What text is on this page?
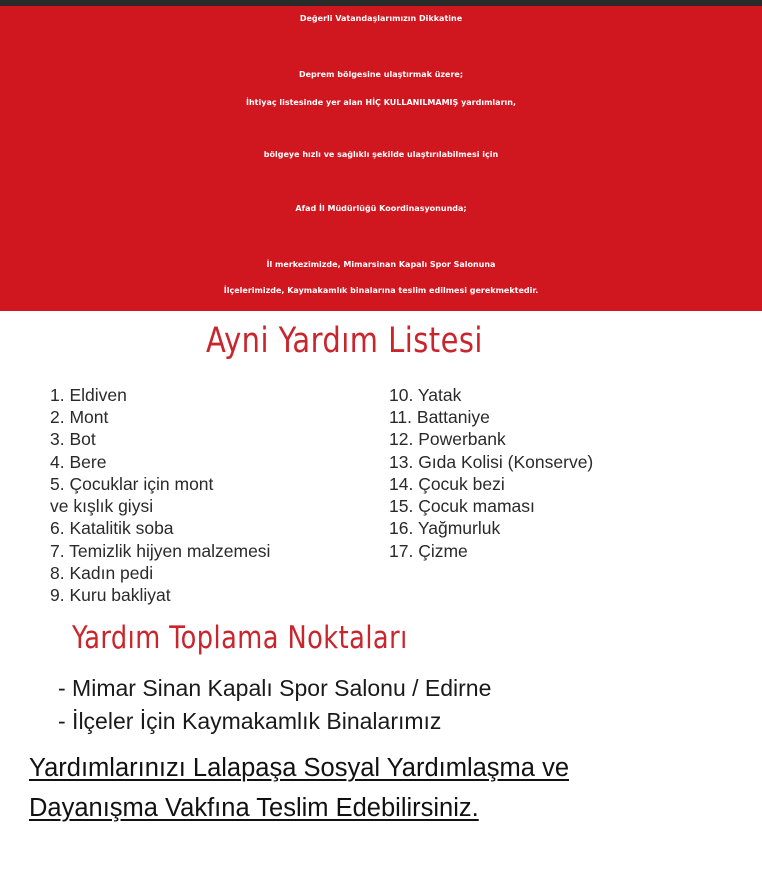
Değerli Vatandaşlarımızın Dikkatine
Deprem bölgesine ulaştırmak üzere;
İhtiyaç listesinde yer alan HİÇ KULLANILMAMIŞ yardımların,
bölgeye hızlı ve sağlıklı şekilde ulaştırılabilmesi için
Afad İl Müdürlüğü Koordinasyonunda;
İl merkezimizde, Mimarsinan Kapalı Spor Salonuna
İlçelerimizde, Kaymakamlık binalarına teslim edilmesi gerekmektedir.
Ayni Yardım Listesi
1. Eldiven
2. Mont
3. Bot
4. Bere
5. Çocuklar için mont
ve kışlık giysi
6. Katalitik soba
7. Temizlik hijyen malzemesi
8. Kadın pedi
9. Kuru bakliyat
10. Yatak
11. Battaniye
12. Powerbank
13. Gıda Kolisi (Konserve)
14. Çocuk bezi
15. Çocuk maması
16. Yağmurluk
17. Çizme
Yardım Toplama Noktaları
- Mimar Sinan Kapalı Spor Salonu / Edirne
- İlçeler İçin Kaymakamlık Binalarımız
Yardımlarınızı Lalapaşa Sosyal Yardımlaşma ve
Dayanışma Vakfına Teslim Edebilirsiniz.
